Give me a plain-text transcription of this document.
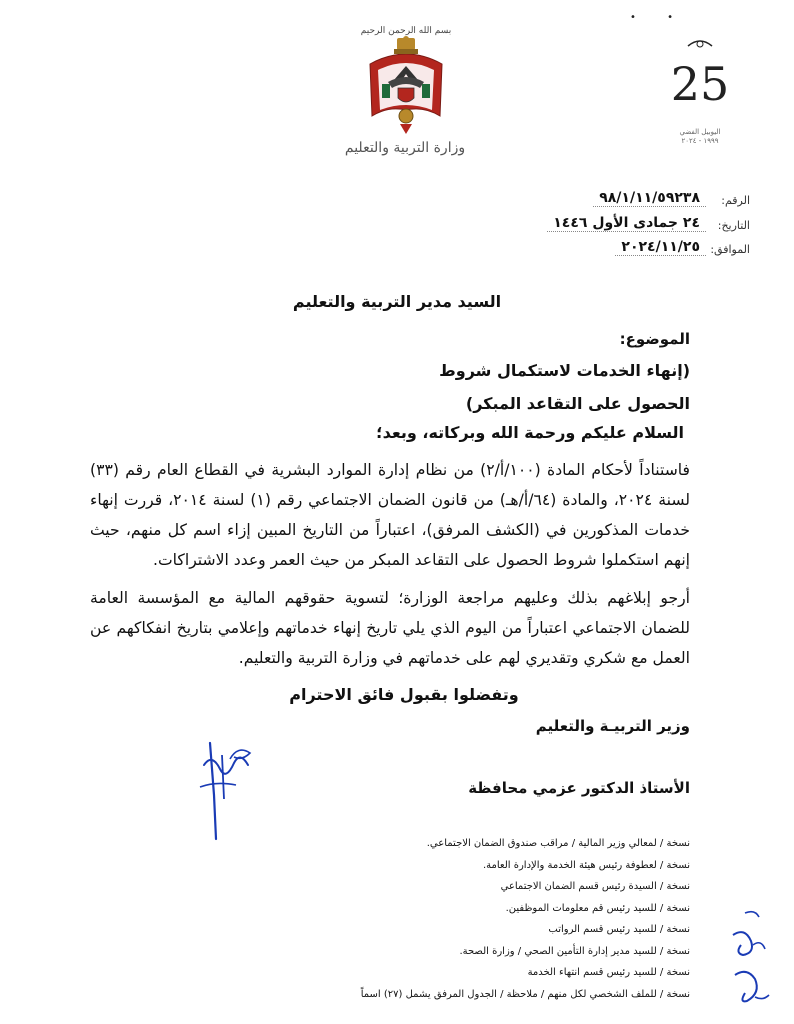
• •
بسم الله الرحمن الرحيم
وزارة التربية والتعليم
25
اليوبيل الفضي
١٩٩٩ - ٢٠٢٤
الرقم:
٩٨/١/١١/٥٩٢٣٨
التاريخ:
٢٤ جمادى الأول ١٤٤٦
الموافق:
٢٠٢٤/١١/٢٥
السيد مدير التربية والتعليم
الموضوع:
(إنهاء الخدمات لاستكمال شروط
الحصول على التقاعد المبكر)
السلام عليكم ورحمة الله وبركاته، وبعد؛
فاستناداً لأحكام المادة (١٠٠/أ/٢) من نظام إدارة الموارد البشرية في القطاع العام رقم (٣٣) لسنة ٢٠٢٤، والمادة (٦٤/أ/هـ) من قانون الضمان الاجتماعي رقم (١) لسنة ٢٠١٤، قررت إنهاء خدمات المذكورين في (الكشف المرفق)، اعتباراً من التاريخ المبين إزاء اسم كل منهم، حيث إنهم استكملوا شروط الحصول على التقاعد المبكر من حيث العمر وعدد الاشتراكات.
أرجو إبلاغهم بذلك وعليهم مراجعة الوزارة؛ لتسوية حقوقهم المالية مع المؤسسة العامة للضمان الاجتماعي اعتباراً من اليوم الذي يلي تاريخ إنهاء خدماتهم وإعلامي بتاريخ انفكاكهم عن العمل مع شكري وتقديري لهم على خدماتهم في وزارة التربية والتعليم.
وتفضلوا بقبول فائق الاحترام
وزير التربيـة والتعليم
الأستاذ الدكتور عزمي محافظة
نسخة / لمعالي وزير المالية / مراقب صندوق الضمان الاجتماعي.
نسخة / لعطوفة رئيس هيئة الخدمة والإدارة العامة.
نسخة / السيدة رئيس قسم الضمان الاجتماعي
نسخة / للسيد رئيس قم معلومات الموظفين.
نسخة / للسيد رئيس قسم الرواتب
نسخة / للسيد مدير إدارة التأمين الصحي / وزارة الصحة.
نسخة / للسيد رئيس قسم انتهاء الخدمة
نسخة / للملف الشخصي لكل منهم / ملاحظة / الجدول المرفق يشمل (٢٧) اسماً
